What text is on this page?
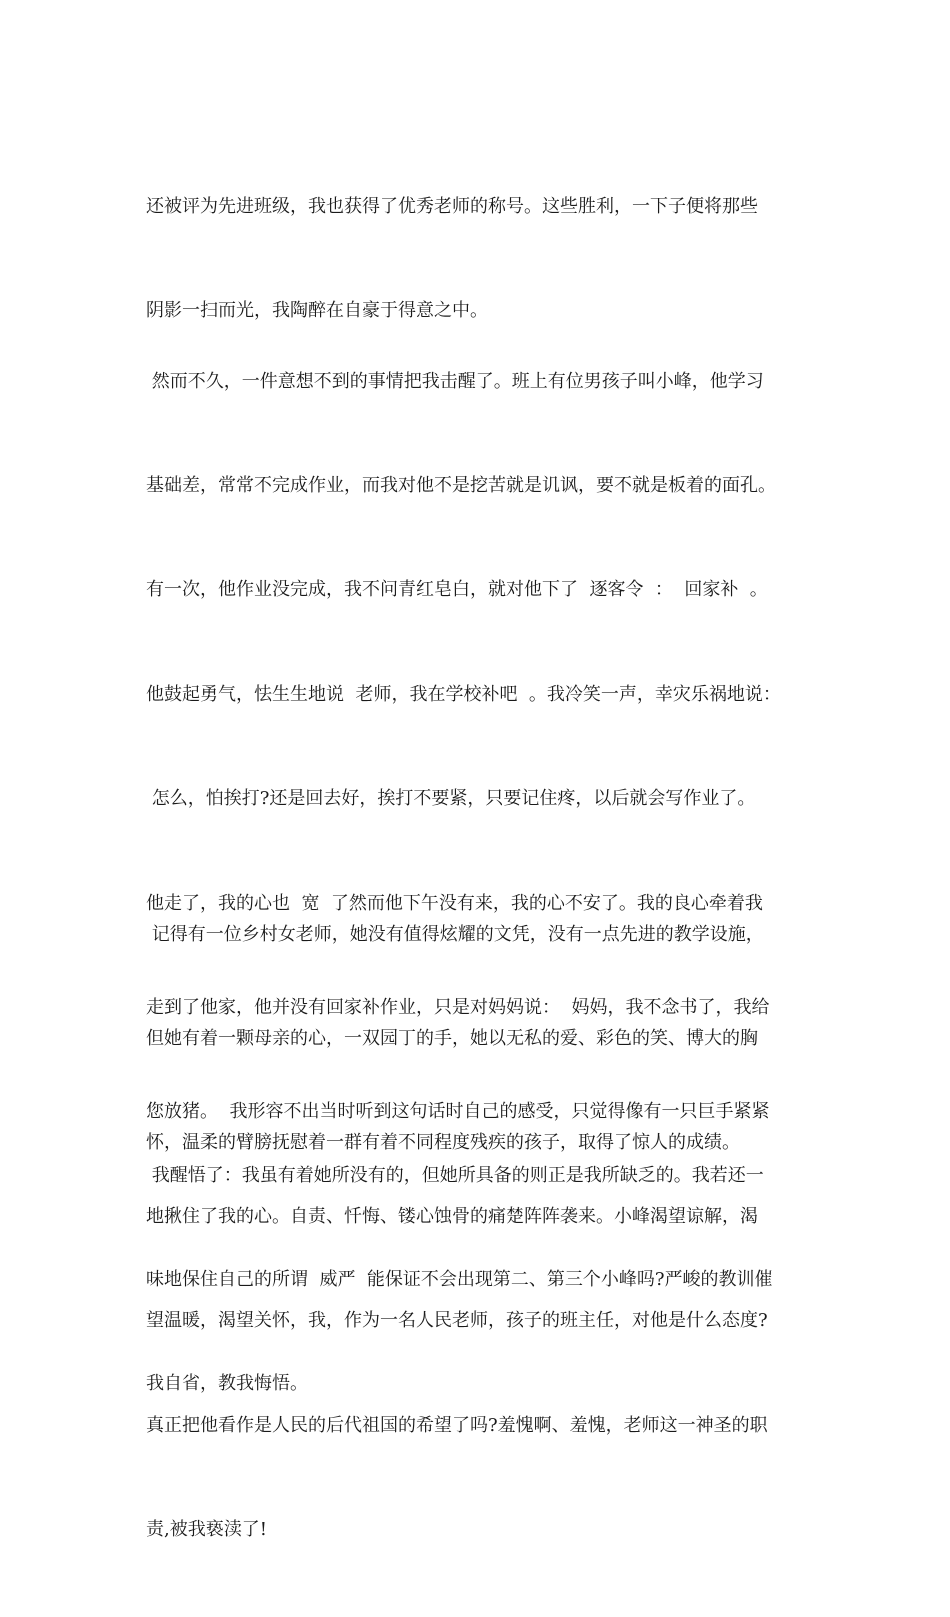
还被评为先进班级，我也获得了优秀老师的称号。这些胜利，一下子便将那些

阴影一扫而光，我陶醉在自豪于得意之中。

然而不久，一件意想不到的事情把我击醒了。班上有位男孩子叫小峰，他学习

基础差，常常不完成作业，而我对他不是挖苦就是讥讽，要不就是板着的面孔。

有一次，他作业没完成，我不问青红皂白，就对他下了  逐客令  ：  回家补  。

他鼓起勇气，怯生生地说  老师，我在学校补吧  。我冷笑一声，幸灾乐祸地说：

怎么，怕挨打?还是回去好，挨打不要紧，只要记住疼，以后就会写作业了。

他走了，我的心也  宽  了然而他下午没有来，我的心不安了。我的良心牵着我

走到了他家，他并没有回家补作业，只是对妈妈说：  妈妈，我不念书了，我给

您放猪。  我形容不出当时听到这句话时自己的感受，只觉得像有一只巨手紧紧

地揪住了我的心。自责、忏悔、镂心蚀骨的痛楚阵阵袭来。小峰渴望谅解，渴

望温暖，渴望关怀，我，作为一名人民老师，孩子的班主任，对他是什么态度?

真正把他看作是人民的后代祖国的希望了吗?羞愧啊、羞愧，老师这一神圣的职

责,被我亵渎了!

记得有一位乡村女老师，她没有值得炫耀的文凭，没有一点先进的教学设施，

但她有着一颗母亲的心，一双园丁的手，她以无私的爱、彩色的笑、博大的胸

怀，温柔的臂膀抚慰着一群有着不同程度残疾的孩子，取得了惊人的成绩。

我醒悟了：我虽有着她所没有的，但她所具备的则正是我所缺乏的。我若还一

味地保住自己的所谓  威严  能保证不会出现第二、第三个小峰吗?严峻的教训催

我自省，教我悔悟。
